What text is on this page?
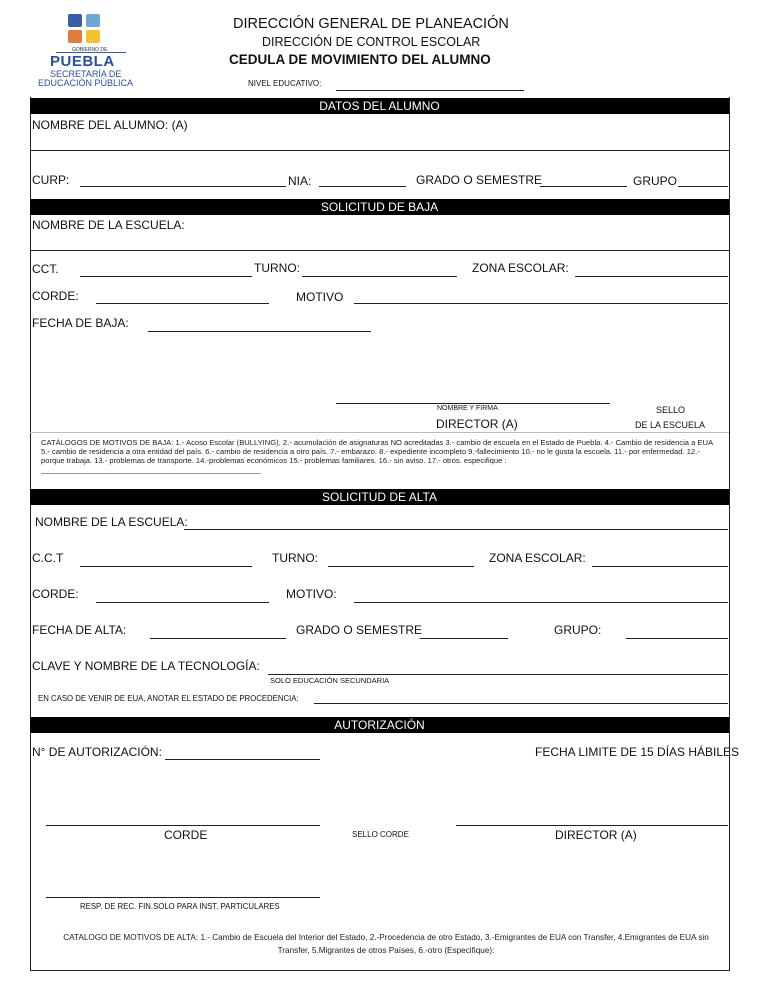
GOBIERNO DE
PUEBLA
SECRETARÍA DE
EDUCACIÓN PÚBLICA
DIRECCIÓN GENERAL DE PLANEACIÓN
DIRECCIÓN DE CONTROL ESCOLAR
CEDULA DE MOVIMIENTO DEL ALUMNO
NIVEL EDUCATIVO:
DATOS DEL ALUMNO
NOMBRE DEL ALUMNO: (A)
CURP:	NIA:	GRADO O SEMESTRE	GRUPO
SOLICITUD DE BAJA
NOMBRE DE LA ESCUELA:
CCT.	TURNO:	ZONA ESCOLAR:
CORDE:	MOTIVO
FECHA DE BAJA:
NOMBRE Y FIRMA
DIRECTOR (A)
SELLO
DE LA ESCUELA
CATÁLOGOS DE MOTIVOS DE BAJA: 1.- Acoso Escolar (BULLYING), 2.- acumulación de asignaturas NO acreditadas 3.- cambio de escuela en el Estado de Puebla. 4.- Cambio de residencia a EUA 5.- cambio de residencia a otra entidad del país. 6.- cambio de residencia a otro país. 7.- embarazo. 8.- expediente incompleto 9.-fallecimiento 10.- no le gusta la escuela. 11.- por enfermedad. 12.- porque trabaja. 13.- problemas de transporte. 14.-problemas económicos 15.- problemas familiares. 16.- sin aviso. 17.- otros. especifique : ____________________________________________________
SOLICITUD DE ALTA
NOMBRE DE LA ESCUELA:
C.C.T	TURNO:	ZONA ESCOLAR:
CORDE:	MOTIVO:
FECHA DE ALTA:	GRADO O SEMESTRE	GRUPO:
CLAVE Y NOMBRE DE LA TECNOLOGÍA:
SOLO EDUCACIÓN SECUNDARIA
EN CASO DE VENIR DE EUA, ANOTAR EL ESTADO DE PROCEDENCIA:
AUTORIZACIÓN
N° DE AUTORIZACIÓN:	FECHA LIMITE DE 15 DÍAS HÁBILES
CORDE	SELLO CORDE	DIRECTOR (A)
RESP. DE REC. FIN.SOLO PARA INST. PARTICULARES
CATALOGO DE MOTIVOS DE ALTA: 1.- Cambio de Escuela del Interior del Estado, 2.-Procedencia de otro Estado, 3.-Emigrantes de EUA con Transfer, 4.Emigrantes de EUA sin Transfer, 5.Migrantes de otros Países, 6.-otro (Especifique):
